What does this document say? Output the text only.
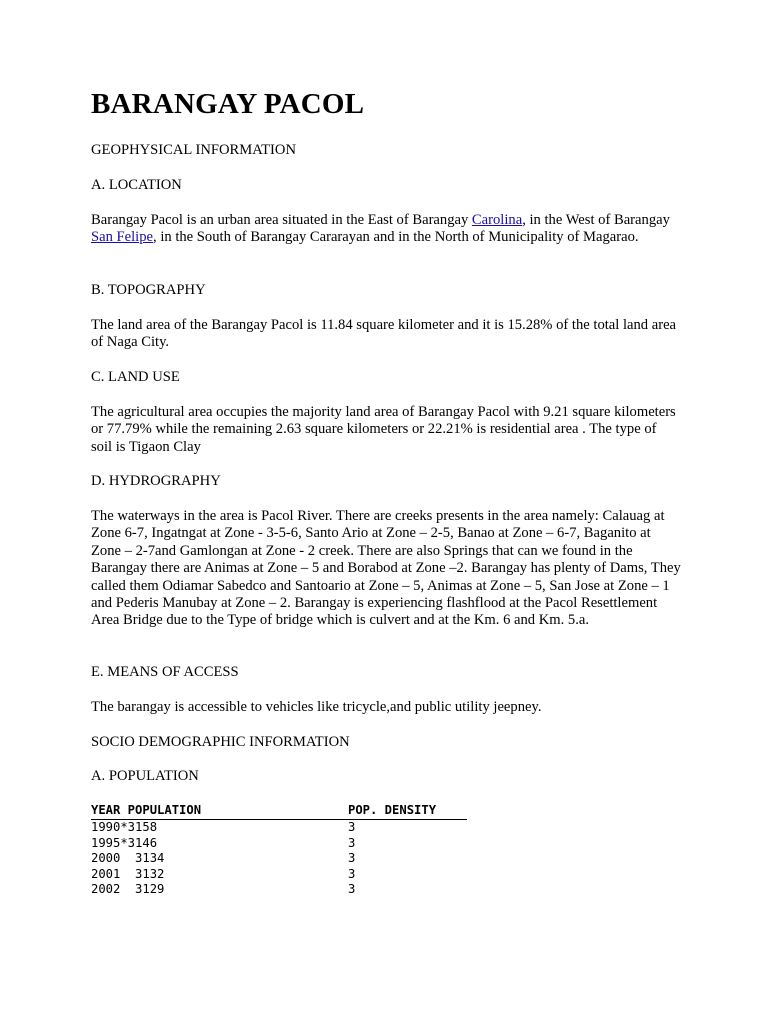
BARANGAY PACOL

GEOPHYSICAL INFORMATION

A. LOCATION

Barangay Pacol is an urban area situated in the East of Barangay Carolina, in the West of Barangay San Felipe, in the South of Barangay Cararayan and in the North of Municipality of Magarao.

B. TOPOGRAPHY

The land area of the Barangay Pacol is 11.84 square kilometer and it is 15.28% of the total land area of Naga City.

C. LAND USE

The agricultural area occupies the majority land area of Barangay Pacol with 9.21 square kilometers or 77.79% while the remaining 2.63 square kilometers or 22.21% is residential area . The type of soil is Tigaon Clay

D. HYDROGRAPHY

The waterways in the area is Pacol River. There are creeks presents in the area namely: Calauag at Zone 6-7, Ingatngat at Zone - 3-5-6, Santo Ario at Zone – 2-5, Banao at Zone – 6-7, Baganito at Zone – 2-7and Gamlongan at Zone - 2 creek. There are also Springs that can we found in the Barangay there are Animas at Zone – 5 and Borabod at Zone –2. Barangay has plenty of Dams, They called them Odiamar Sabedco and Santoario at Zone – 5, Animas at Zone – 5, San Jose at Zone – 1 and Pederis Manubay at Zone – 2. Barangay is experiencing flashflood at the Pacol Resettlement Area Bridge due to the Type of bridge which is culvert and at the Km. 6 and Km. 5.a.

E. MEANS OF ACCESS

The barangay is accessible to vehicles like tricycle,and public utility jeepney.

SOCIO DEMOGRAPHIC INFORMATION

A. POPULATION

YEAR POPULATION	POP. DENSITY
1990*3158	3
1995*3146	3
2000  3134	3
2001  3132	3
2002  3129	3
